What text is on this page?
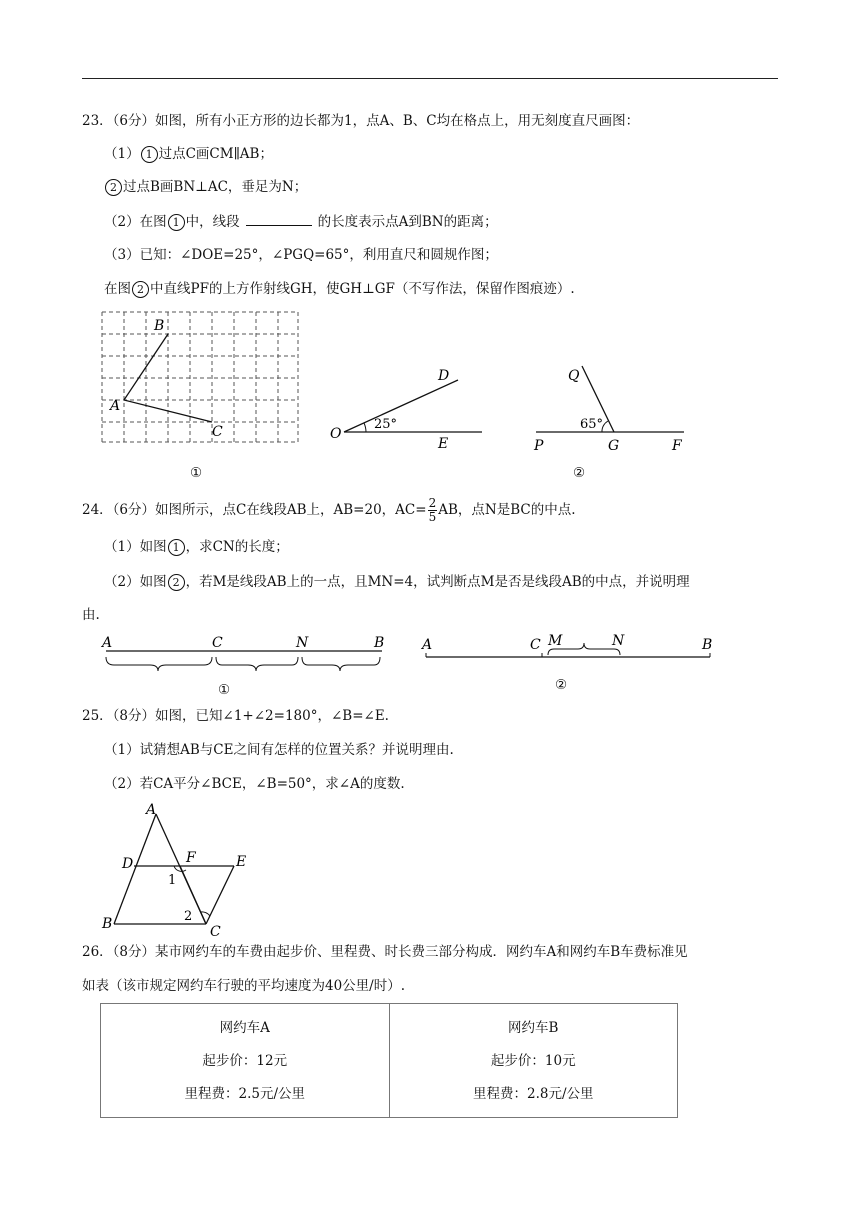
23．（6分）如图，所有小正方形的边长都为1，点A、B、C均在格点上，用无刻度直尺画图：
（1） 1 过点C画CM∥AB；
2 过点B画BN⊥AC，垂足为N；
（2）在图 1 中，线段	的长度表示点A到BN的距离；
（3）已知：∠DOE=25°，∠PGQ=65°，利用直尺和圆规作图；
在图 2 中直线PF的上方作射线GH，使GH⊥GF（不写作法，保留作图痕迹）.
B
A
C
①
D
O
E
25°
Q
P	G	F
65°
②
24．（6分）如图所示，点C在线段AB上，AB=20，$AC= \frac{2}{5}$ AB，点N是BC的中点.
（1）如图 1 ，求CN的长度；
（2）如图 2 ，若M是线段AB上的一点，且MN=4，试判断点M是否是线段AB的中点，并说明理
由.
A	C	N	B
①
A	C M	N	B
②
25．（8分）如图，已知∠1+∠2=180°，∠B=∠E.
（1）试猜想AB与CE之间有怎样的位置关系？并说明理由.
（2）若CA平分∠BCE，∠B=50°，求∠A的度数.
A
D	F	E
1
2
B	C
26．（8分）某市网约车的车费由起步价、里程费、时长费三部分构成．网约车A和网约车B车费标准见
如表（该市规定网约车行驶的平均速度为40公里/时）.
网约车A
起步价：12元
里程费：2.5元/公里

网约车B
起步价：10元
里程费：2.8元/公里
